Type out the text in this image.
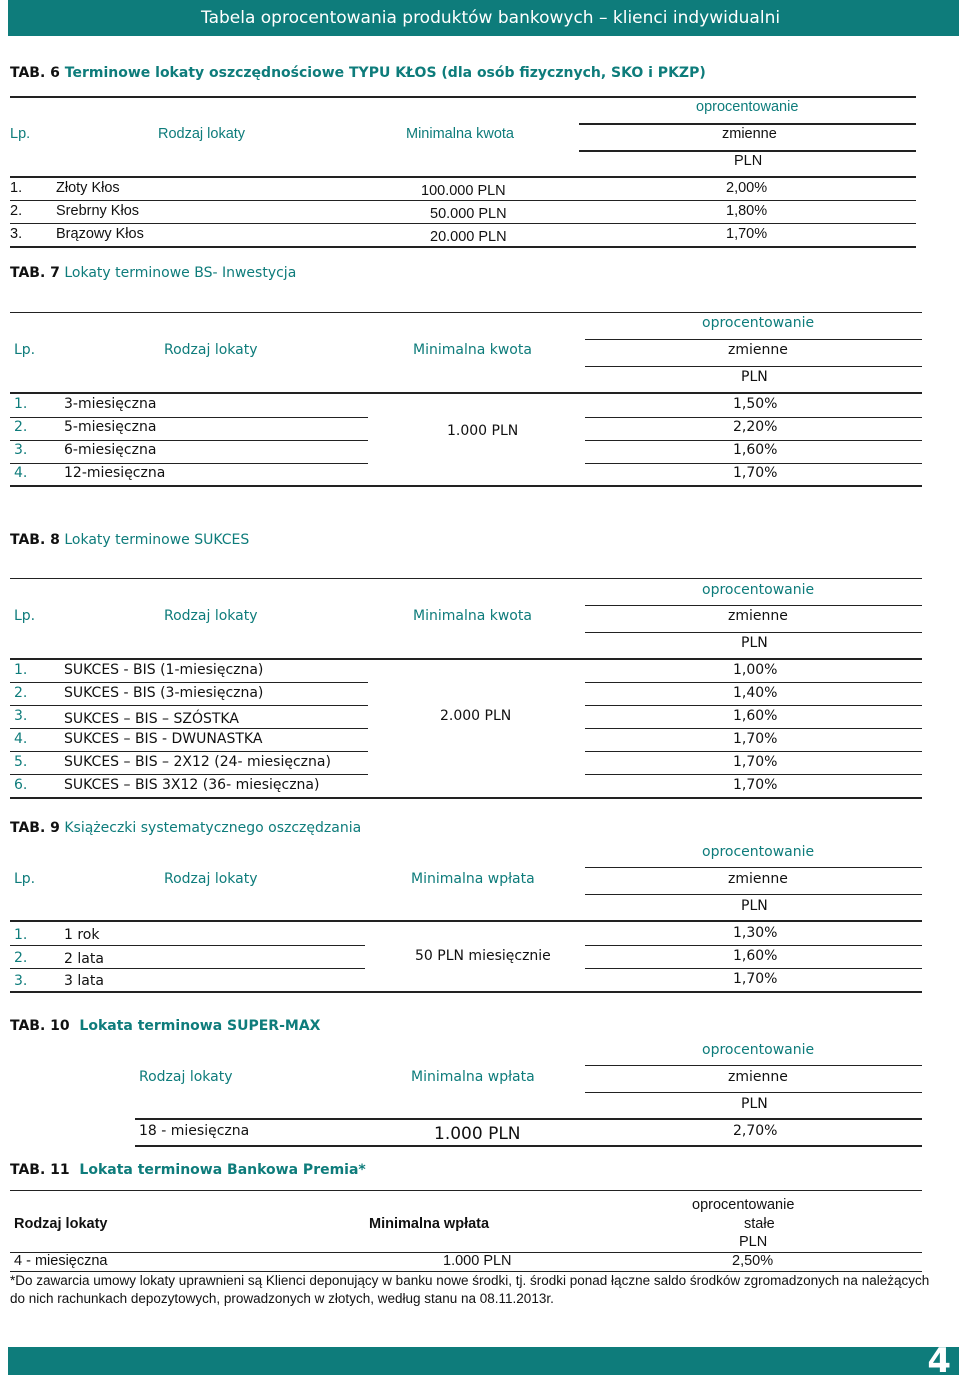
Tabela oprocentowania produktów bankowych – klienci indywidualni
TAB. 6 Terminowe lokaty oszczędnościowe TYPU KŁOS (dla osób fizycznych, SKO i PKZP)
oprocentowanie
Lp.	Rodzaj lokaty	Minimalna kwota	zmienne
PLN
1. Złoty Kłos	100.000 PLN	2,00%
2. Srebrny Kłos	50.000 PLN	1,80%
3. Brązowy Kłos	20.000 PLN	1,70%
TAB. 7 Lokaty terminowe BS- Inwestycja
oprocentowanie
Lp.	Rodzaj lokaty	Minimalna kwota	zmienne
PLN
1.	3-miesięczna	1,50%
2.	5-miesięczna	1.000 PLN	2,20%
3.	6-miesięczna	1,60%
4.	12-miesięczna	1,70%
TAB. 8 Lokaty terminowe SUKCES
oprocentowanie
Lp.	Rodzaj lokaty	Minimalna kwota	zmienne
PLN
1.	SUKCES - BIS (1-miesięczna)	1,00%
2.	SUKCES - BIS (3-miesięczna)	1,40%
3.	SUKCES – BIS – SZÓSTKA	2.000 PLN	1,60%
4.	SUKCES – BIS - DWUNASTKA	1,70%
5.	SUKCES – BIS – 2X12 (24- miesięczna)	1,70%
6.	SUKCES – BIS 3X12 (36- miesięczna)	1,70%
TAB. 9 Książeczki systematycznego oszczędzania
oprocentowanie
Lp.	Rodzaj lokaty	Minimalna wpłata	zmienne
PLN
1.	1 rok	1,30%
2.	2 lata	50 PLN miesięcznie	1,60%
3.	3 lata	1,70%
TAB. 10 Lokata terminowa SUPER-MAX
oprocentowanie
Rodzaj lokaty	Minimalna wpłata	zmienne
PLN
18 - miesięczna	1.000 PLN	2,70%
TAB. 11 Lokata terminowa Bankowa Premia*
oprocentowanie
Rodzaj lokaty	Minimalna wpłata	stałe
PLN
4 - miesięczna	1.000 PLN	2,50%
*Do zawarcia umowy lokaty uprawnieni są Klienci deponujący w banku nowe środki, tj. środki ponad łączne saldo środków zgromadzonych na należących do nich rachunkach depozytowych, prowadzonych w złotych, według stanu na 08.11.2013r.
4
